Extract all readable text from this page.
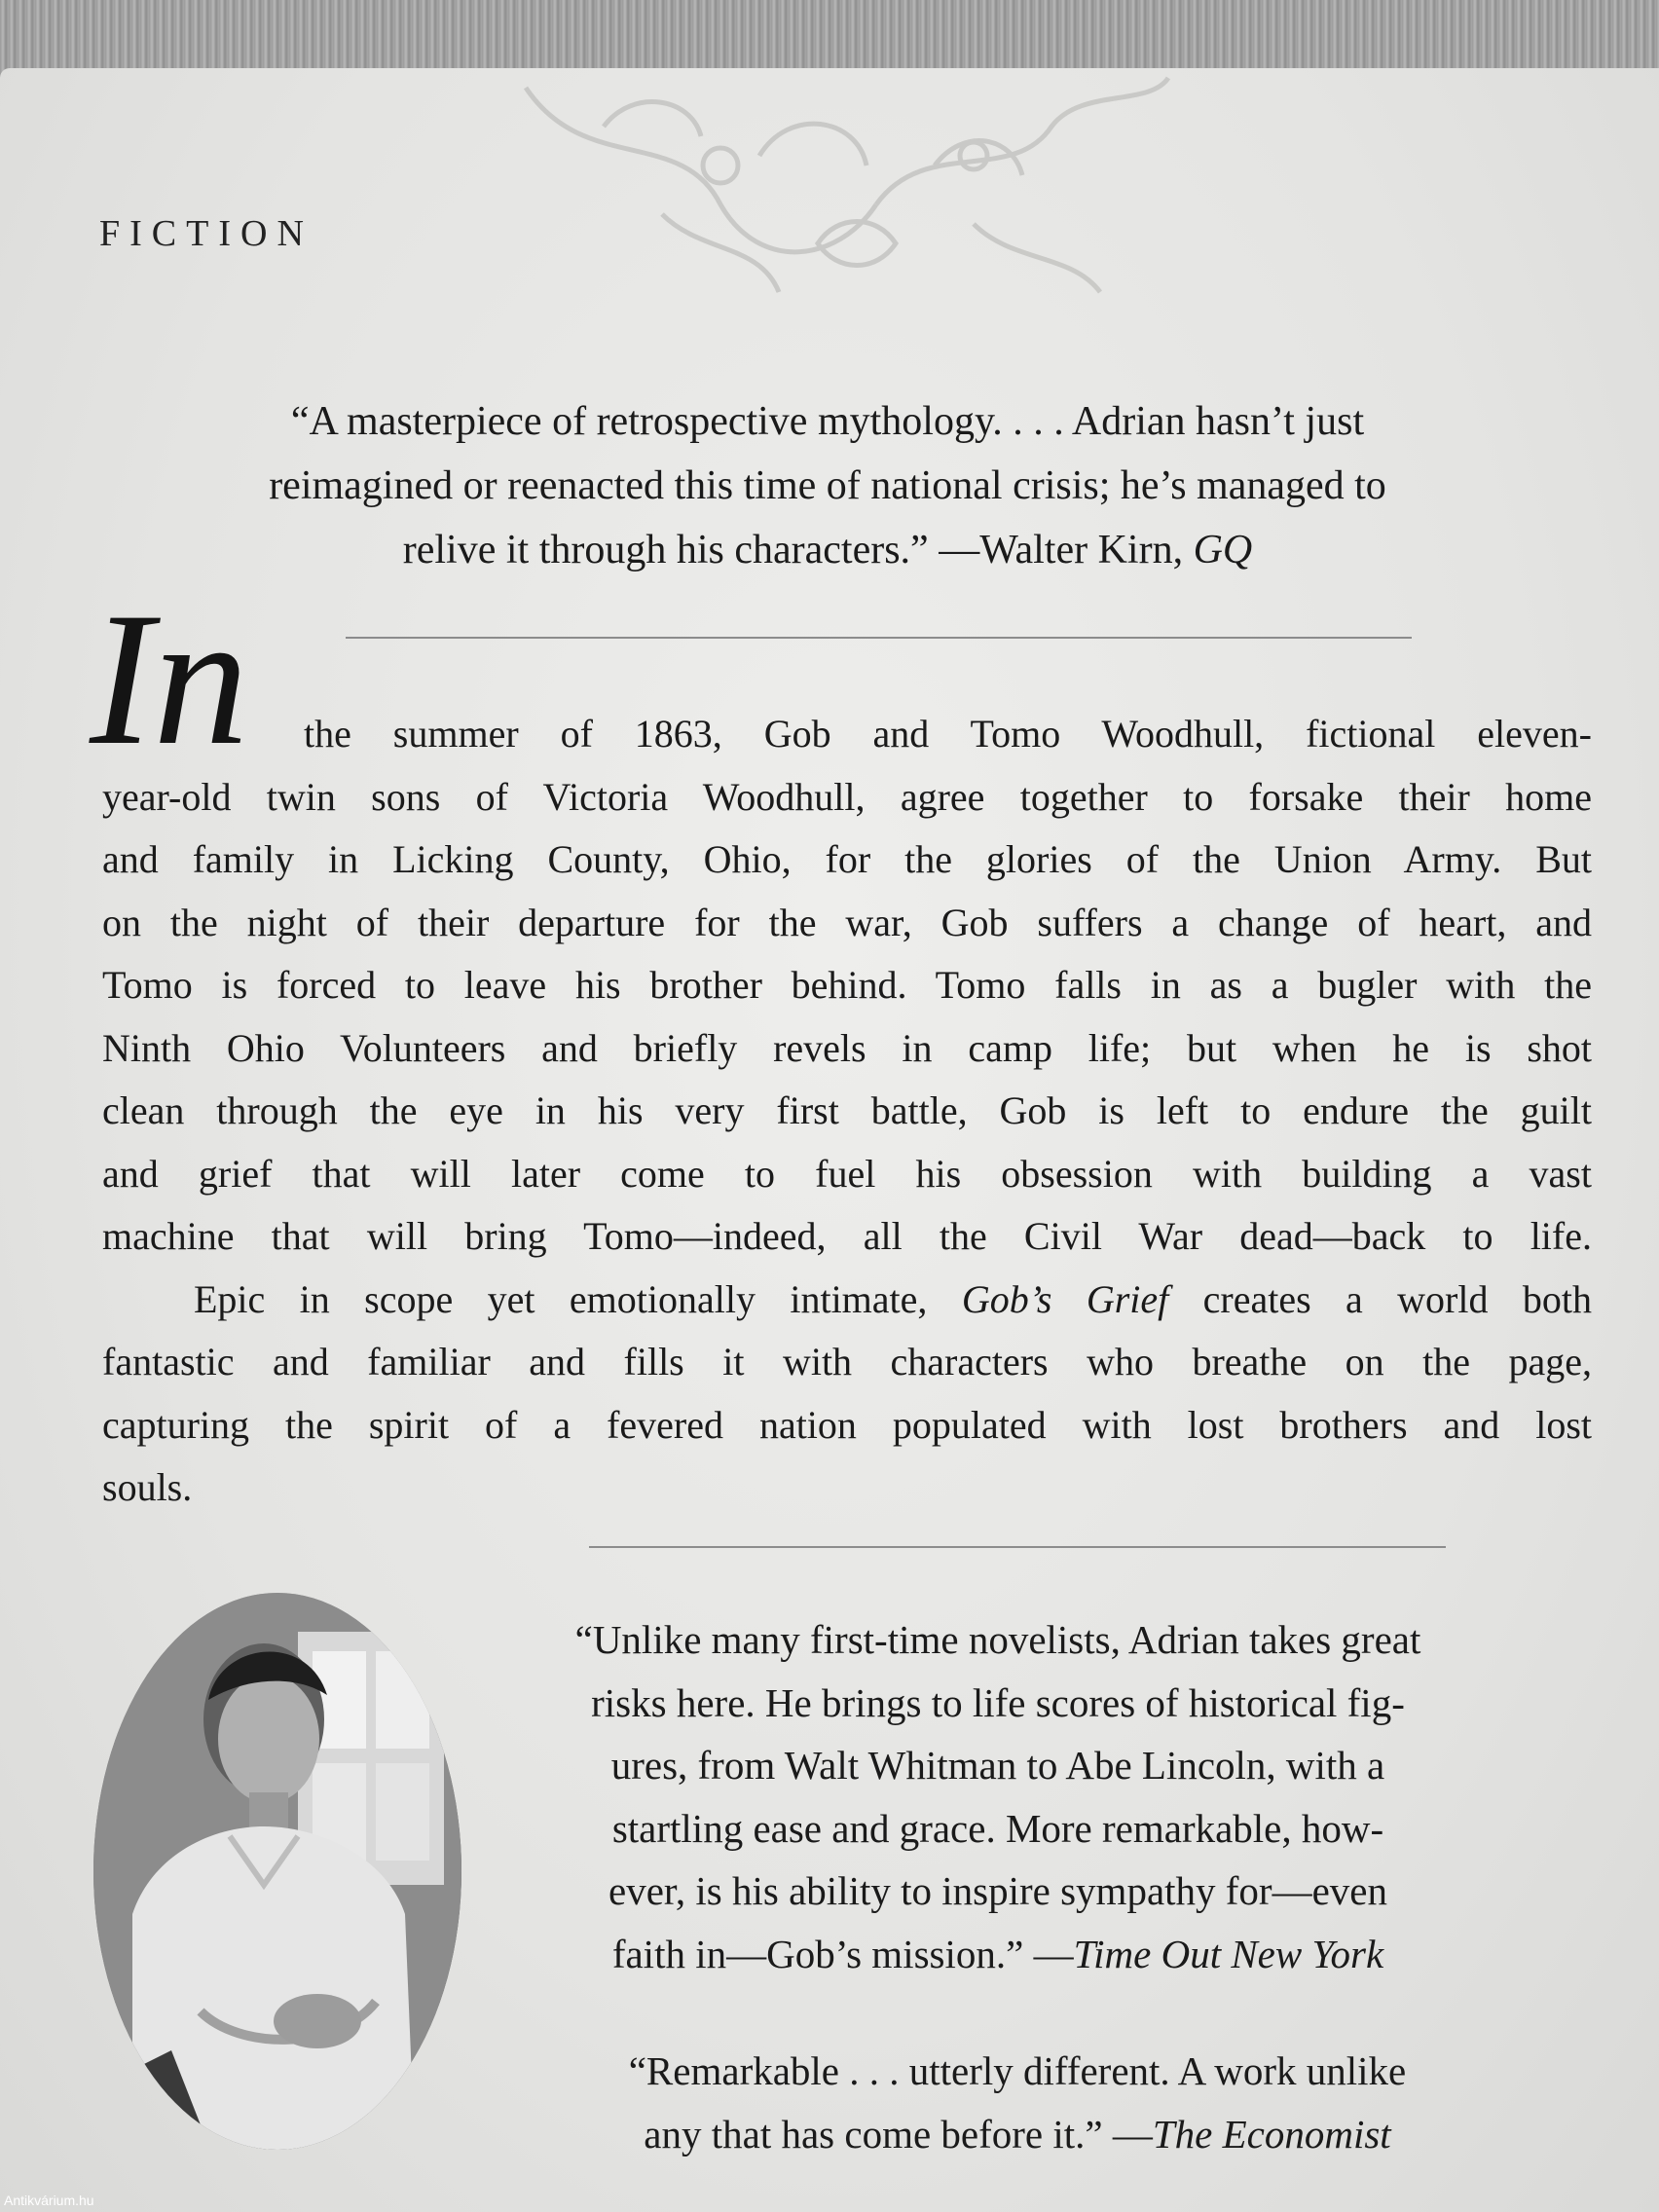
FICTION
“A masterpiece of retrospective mythology. . . . Adrian hasn’t just
reimagined or reenacted this time of national crisis; he’s managed to
relive it through his characters.” —Walter Kirn, GQ
In	the summer of 1863, Gob and Tomo Woodhull, fictional eleven-
year-old twin sons of Victoria Woodhull, agree together to forsake their home
and family in Licking County, Ohio, for the glories of the Union Army. But
on the night of their departure for the war, Gob suffers a change of heart, and
Tomo is forced to leave his brother behind. Tomo falls in as a bugler with the
Ninth Ohio Volunteers and briefly revels in camp life; but when he is shot
clean through the eye in his very first battle, Gob is left to endure the guilt
and grief that will later come to fuel his obsession with building a vast
machine that will bring Tomo—indeed, all the Civil War dead—back to life.
Epic in scope yet emotionally intimate, Gob’s Grief creates a world both
fantastic and familiar and fills it with characters who breathe on the page,
capturing the spirit of a fevered nation populated with lost brothers and lost
souls.
“Unlike many first-time novelists, Adrian takes great
risks here. He brings to life scores of historical fig-
ures, from Walt Whitman to Abe Lincoln, with a
startling ease and grace. More remarkable, how-
ever, is his ability to inspire sympathy for—even
faith in—Gob’s mission.” —Time Out New York
“Remarkable . . . utterly different. A work unlike
any that has come before it.” —The Economist
Antikvárium.hu
